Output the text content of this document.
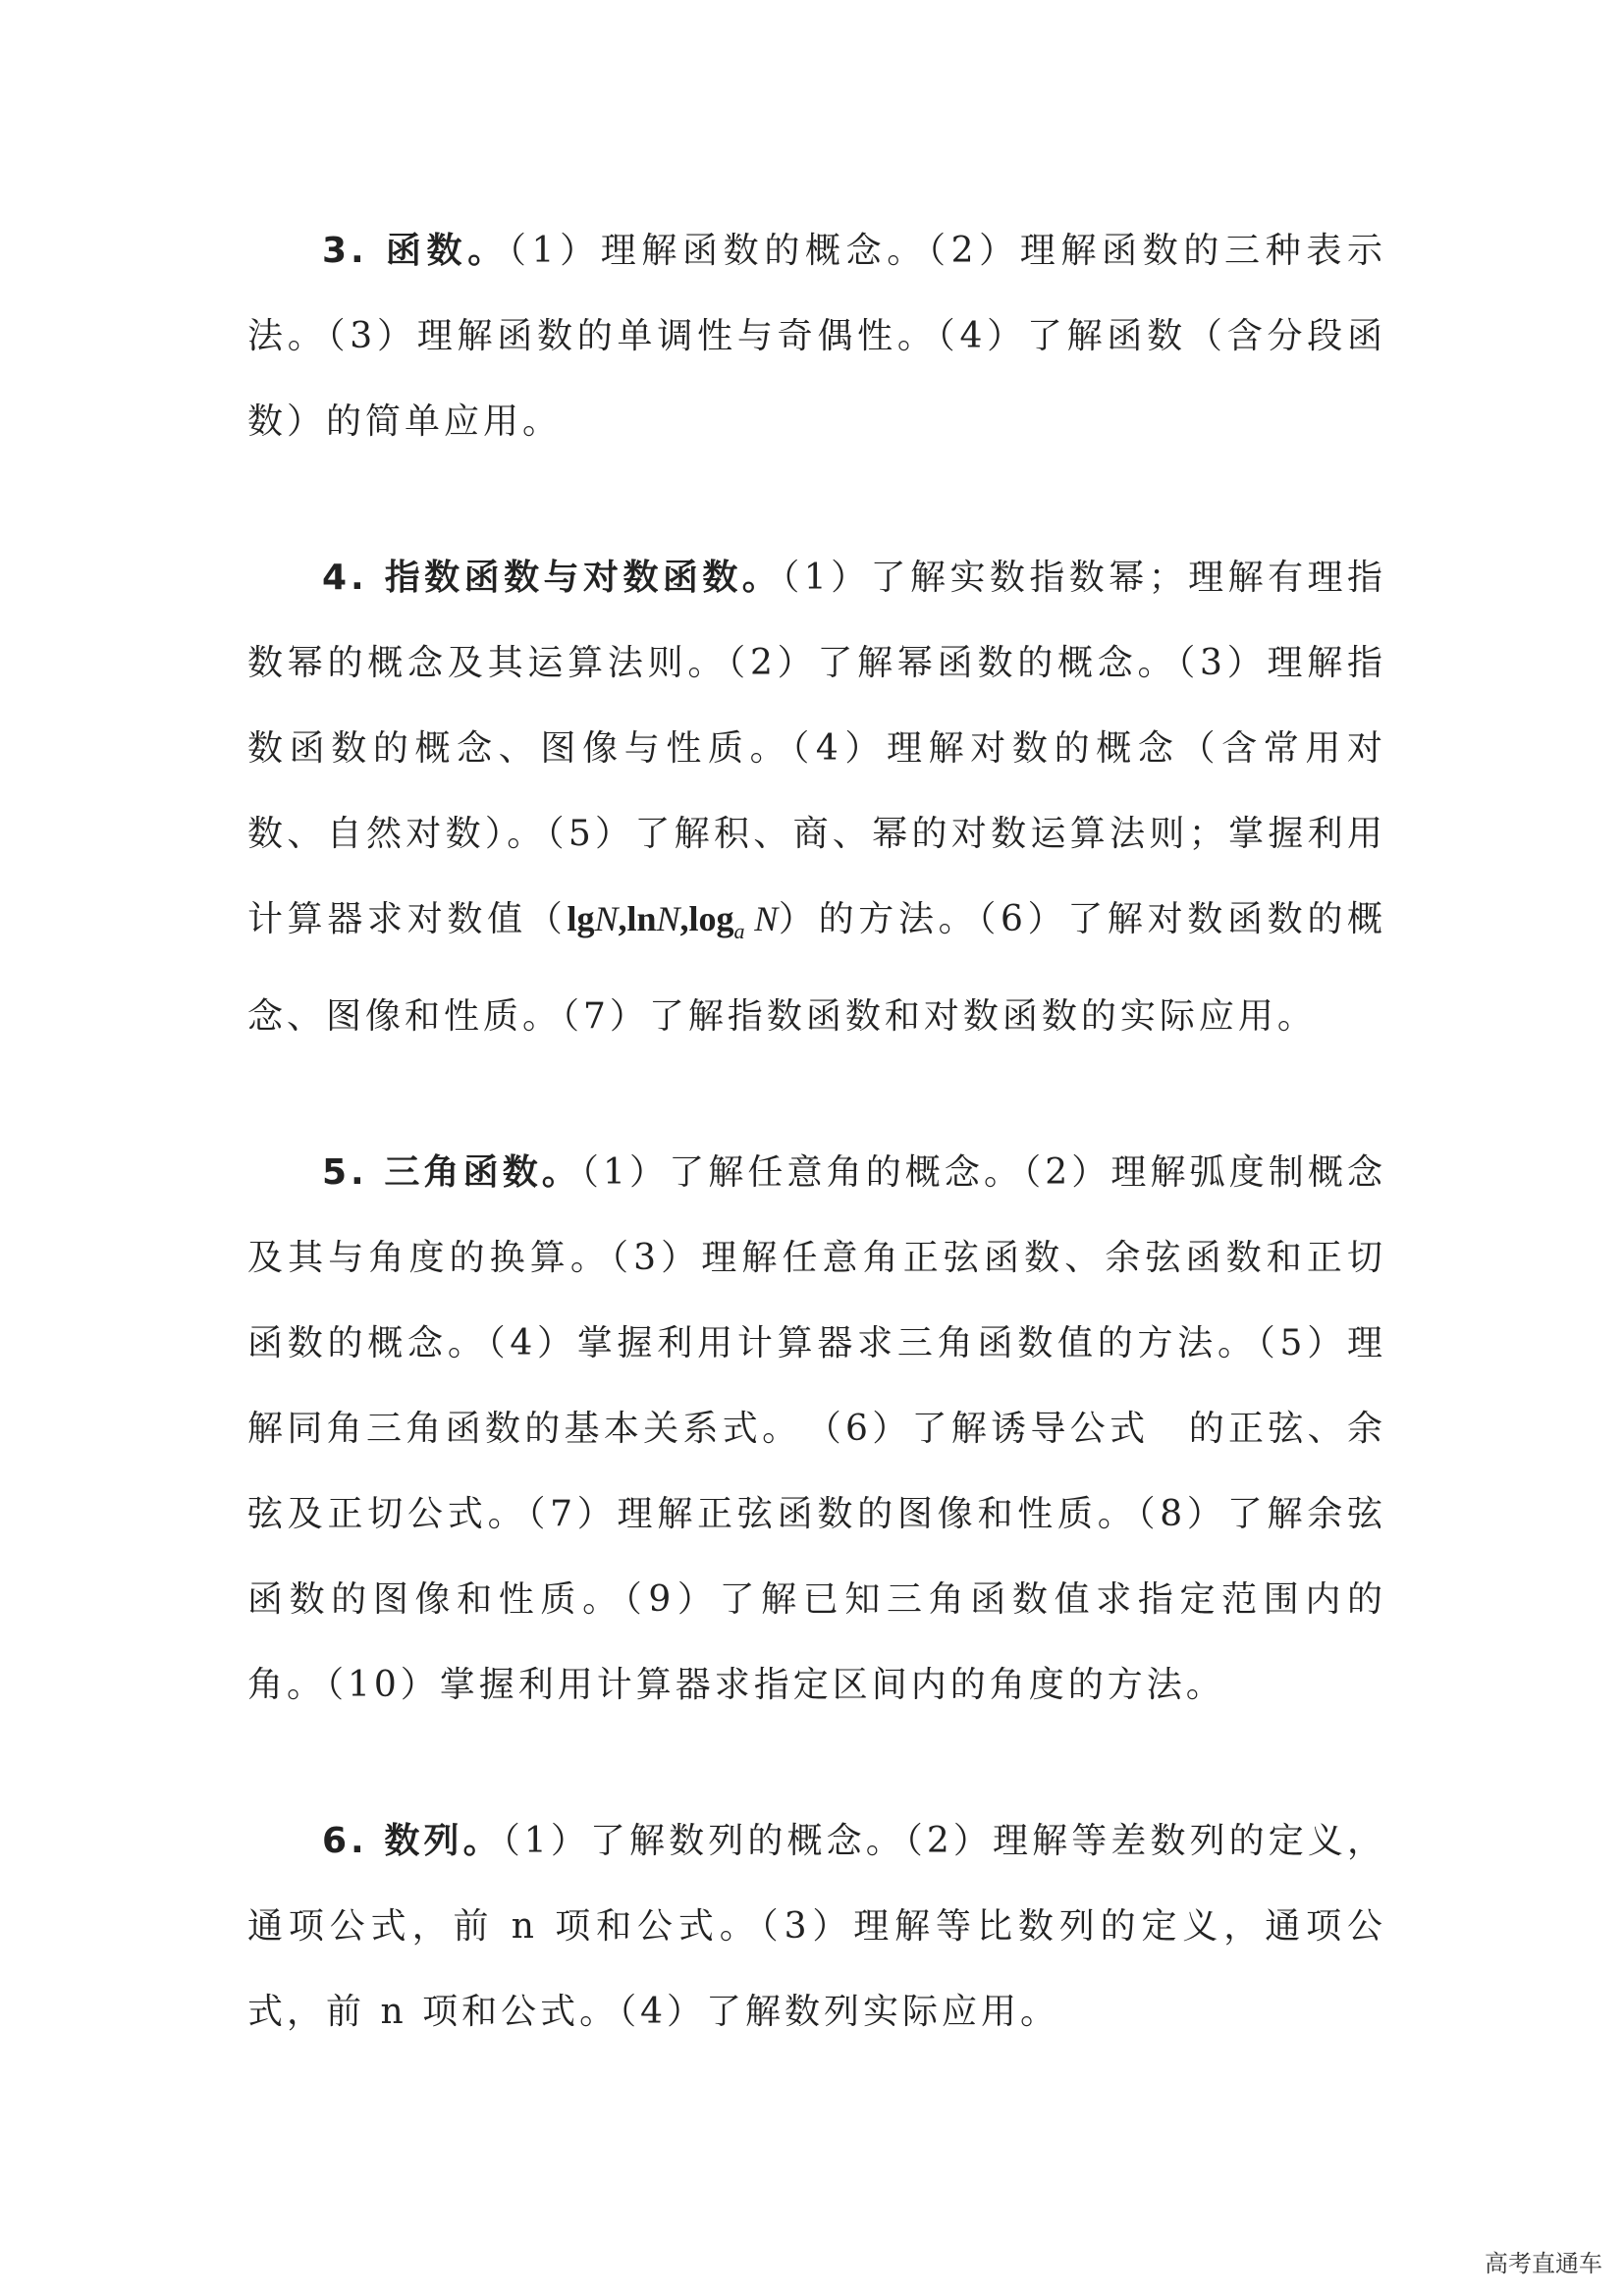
3. 函数。（1）理解函数的概念。（2）理解函数的三种表示法。（3）理解函数的单调性与奇偶性。（4）了解函数（含分段函数）的简单应用。

4. 指数函数与对数函数。（1）了解实数指数幂；理解有理指数幂的概念及其运算法则。（2）了解幂函数的概念。（3）理解指数函数的概念、图像与性质。（4）理解对数的概念（含常用对数、自然对数）。（5）了解积、商、幂的对数运算法则；掌握利用计算器求对数值（$\lg N,\ln N,\log_a$ N）的方法。（6）了解对数函数的概念、图像和性质。（7）了解指数函数和对数函数的实际应用。

5. 三角函数。（1）了解任意角的概念。（2）理解弧度制概念及其与角度的换算。（3）理解任意角正弦函数、余弦函数和正切函数的概念。（4）掌握利用计算器求三角函数值的方法。（5）理解同角三角函数的基本关系式。　（6）了解诱导公式　的正弦、余弦及正切公式。（7）理解正弦函数的图像和性质。（8）了解余弦函数的图像和性质。（9）了解已知三角函数值求指定范围内的角。（10）掌握利用计算器求指定区间内的角度的方法。

6. 数列。（1）了解数列的概念。（2）理解等差数列的定义，通项公式，前 n 项和公式。（3）理解等比数列的定义，通项公式，前 n 项和公式。（4）了解数列实际应用。

高考直通车
